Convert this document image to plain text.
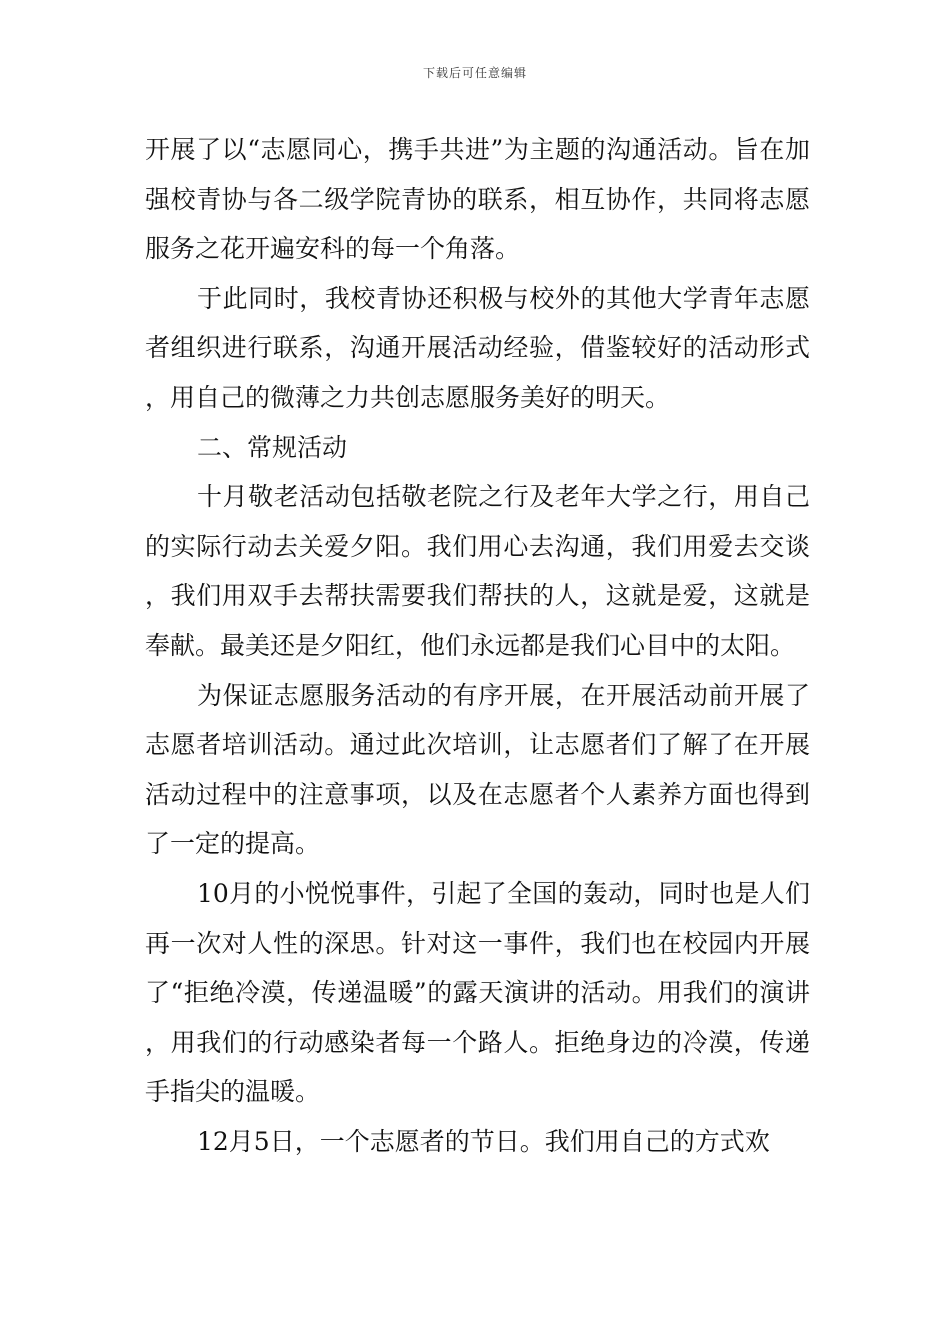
下载后可任意编辑

开展了以“志愿同心，携手共进”为主题的沟通活动。旨在加强校青协与各二级学院青协的联系，相互协作，共同将志愿服务之花开遍安科的每一个角落。

于此同时，我校青协还积极与校外的其他大学青年志愿者组织进行联系，沟通开展活动经验，借鉴较好的活动形式，用自己的微薄之力共创志愿服务美好的明天。

二、常规活动

十月敬老活动包括敬老院之行及老年大学之行，用自己的实际行动去关爱夕阳。我们用心去沟通，我们用爱去交谈，我们用双手去帮扶需要我们帮扶的人，这就是爱，这就是奉献。最美还是夕阳红，他们永远都是我们心目中的太阳。

为保证志愿服务活动的有序开展，在开展活动前开展了志愿者培训活动。通过此次培训，让志愿者们了解了在开展活动过程中的注意事项，以及在志愿者个人素养方面也得到了一定的提高。

10月的小悦悦事件，引起了全国的轰动，同时也是人们再一次对人性的深思。针对这一事件，我们也在校园内开展了“拒绝冷漠，传递温暖”的露天演讲的活动。用我们的演讲，用我们的行动感染者每一个路人。拒绝身边的冷漠，传递手指尖的温暖。

12月5日，一个志愿者的节日。我们用自己的方式欢
